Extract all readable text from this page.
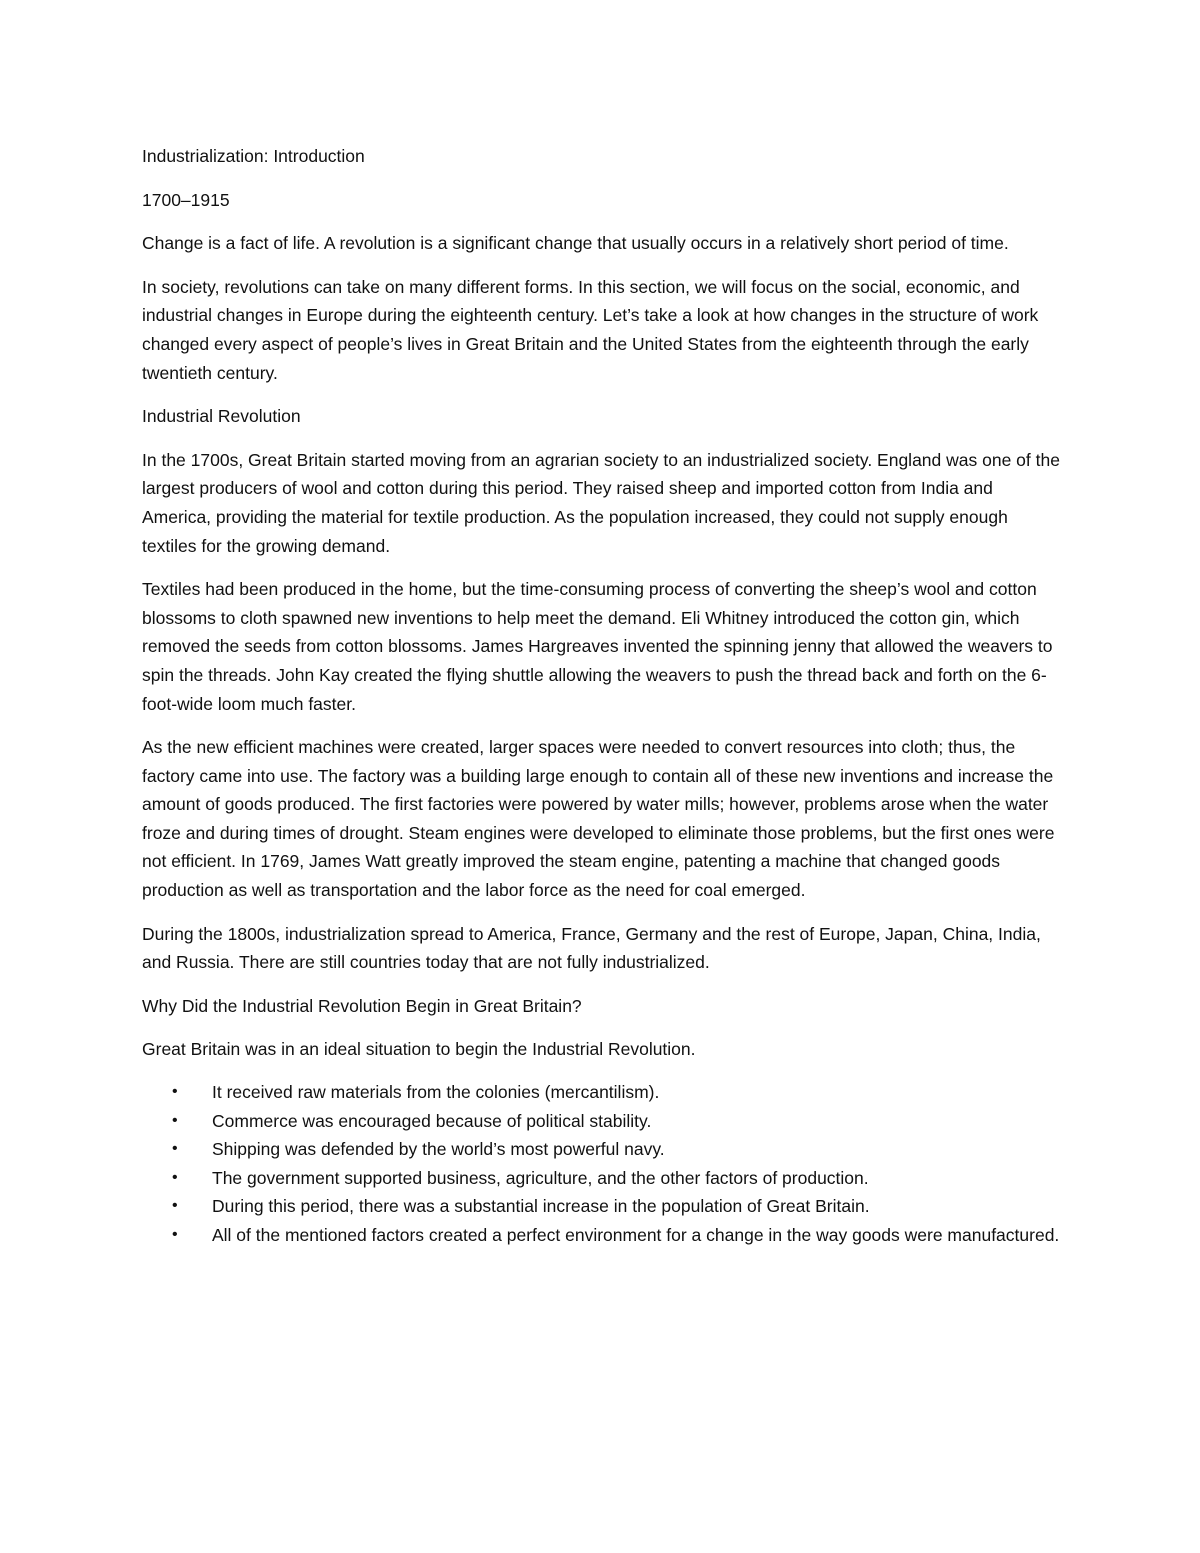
Industrialization: Introduction

1700–1915

Change is a fact of life. A revolution is a significant change that usually occurs in a relatively short period of time.

In society, revolutions can take on many different forms. In this section, we will focus on the social, economic, and industrial changes in Europe during the eighteenth century. Let’s take a look at how changes in the structure of work changed every aspect of people’s lives in Great Britain and the United States from the eighteenth through the early twentieth century.

Industrial Revolution

In the 1700s, Great Britain started moving from an agrarian society to an industrialized society. England was one of the largest producers of wool and cotton during this period. They raised sheep and imported cotton from India and America, providing the material for textile production. As the population increased, they could not supply enough textiles for the growing demand.

Textiles had been produced in the home, but the time-consuming process of converting the sheep’s wool and cotton blossoms to cloth spawned new inventions to help meet the demand. Eli Whitney introduced the cotton gin, which removed the seeds from cotton blossoms. James Hargreaves invented the spinning jenny that allowed the weavers to spin the threads. John Kay created the flying shuttle allowing the weavers to push the thread back and forth on the 6-foot-wide loom much faster.

As the new efficient machines were created, larger spaces were needed to convert resources into cloth; thus, the factory came into use. The factory was a building large enough to contain all of these new inventions and increase the amount of goods produced. The first factories were powered by water mills; however, problems arose when the water froze and during times of drought. Steam engines were developed to eliminate those problems, but the first ones were not efficient. In 1769, James Watt greatly improved the steam engine, patenting a machine that changed goods production as well as transportation and the labor force as the need for coal emerged.

During the 1800s, industrialization spread to America, France, Germany and the rest of Europe, Japan, China, India, and Russia. There are still countries today that are not fully industrialized.

Why Did the Industrial Revolution Begin in Great Britain?

Great Britain was in an ideal situation to begin the Industrial Revolution.

• It received raw materials from the colonies (mercantilism).
• Commerce was encouraged because of political stability.
• Shipping was defended by the world’s most powerful navy.
• The government supported business, agriculture, and the other factors of production.
• During this period, there was a substantial increase in the population of Great Britain.
• All of the mentioned factors created a perfect environment for a change in the way goods were manufactured.
